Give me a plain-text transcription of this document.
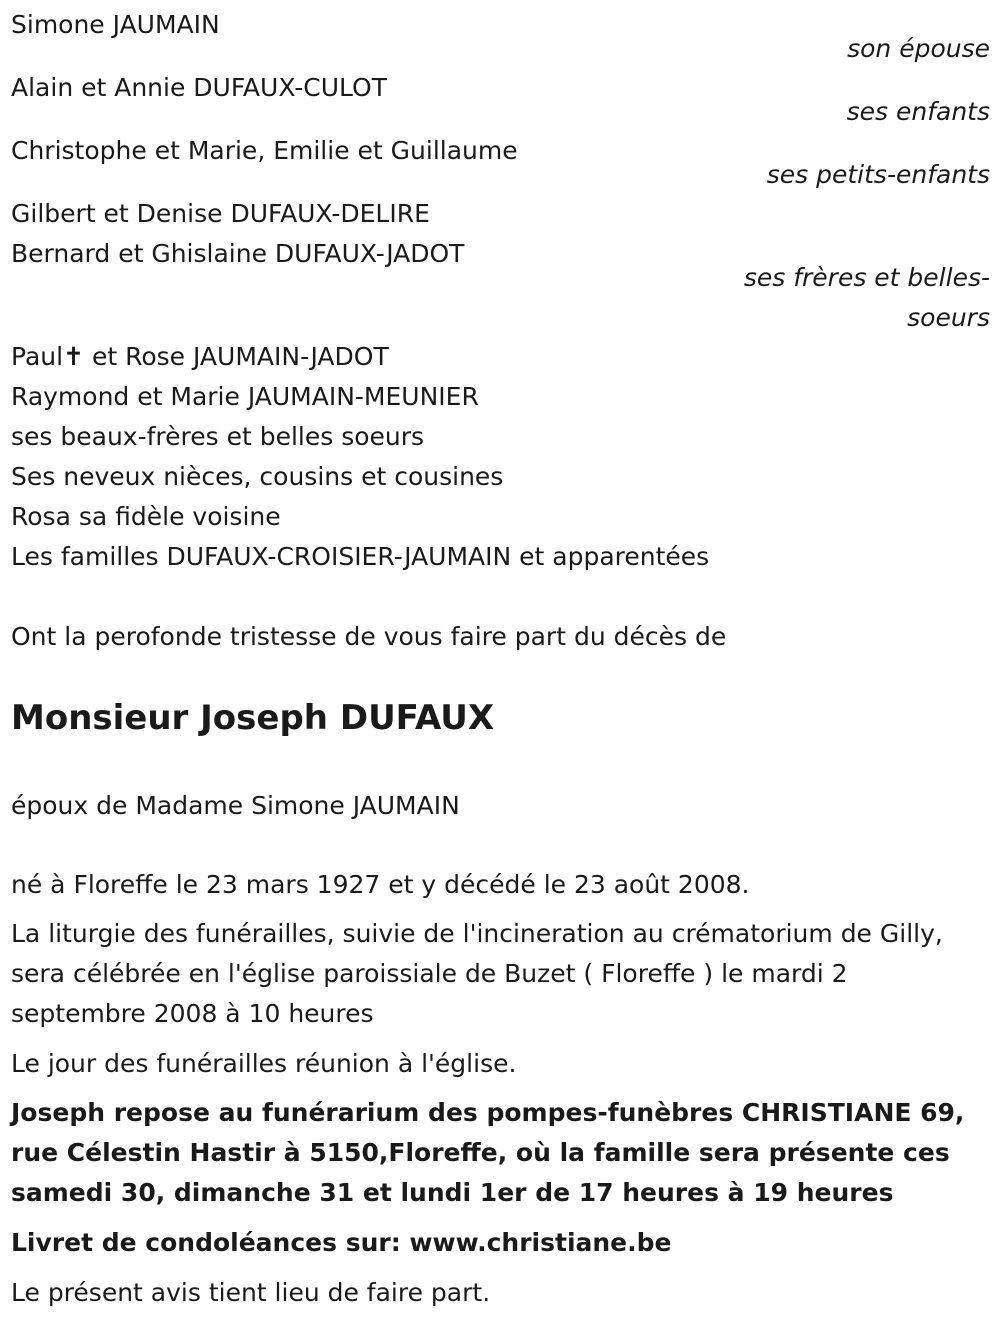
Simone JAUMAIN
son épouse
Alain et Annie DUFAUX-CULOT
ses enfants
Christophe et Marie, Emilie et Guillaume
ses petits-enfants
Gilbert et Denise DUFAUX-DELIRE
Bernard et Ghislaine DUFAUX-JADOT
ses frères et belles-
soeurs
Paul✝ et Rose JAUMAIN-JADOT
Raymond et Marie JAUMAIN-MEUNIER
ses beaux-frères et belles soeurs
Ses neveux nièces, cousins et cousines
Rosa sa fidèle voisine
Les familles DUFAUX-CROISIER-JAUMAIN et apparentées
Ont la perofonde tristesse de vous faire part du décès de
Monsieur Joseph DUFAUX
époux de Madame Simone JAUMAIN
né à Floreffe le 23 mars 1927 et y décédé le 23 août 2008.
La liturgie des funérailles, suivie de l'incineration au crématorium de Gilly, sera célébrée en l'église paroissiale de Buzet ( Floreffe ) le mardi 2 septembre 2008 à 10 heures
Le jour des funérailles réunion à l'église.
Joseph repose au funérarium des pompes-funèbres CHRISTIANE 69, rue Célestin Hastir à 5150,Floreffe, où la famille sera présente ces samedi 30, dimanche 31 et lundi 1er de 17 heures à 19 heures
Livret de condoléances sur: www.christiane.be
Le présent avis tient lieu de faire part.
